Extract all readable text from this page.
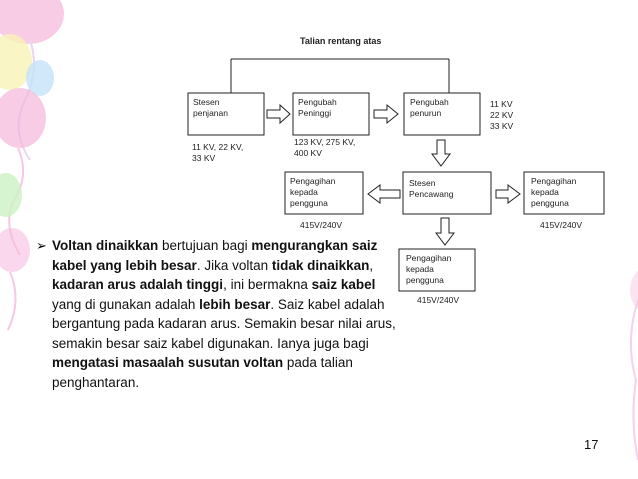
Talian rentang atas
Stesen
penjanan
11 KV, 22 KV,
33 KV
Pengubah
Peninggi
123 KV, 275 KV,
400 KV
Pengubah
penurun
11 KV
22 KV
33 KV
Pengagihan
kepada
pengguna
415V/240V
Stesen
Pencawang
Pengagihan
kepada
pengguna
415V/240V
Pengagihan
kepada
pengguna
415V/240V
➢ Voltan dinaikkan bertujuan bagi mengurangkan saiz kabel yang lebih besar. Jika voltan tidak dinaikkan, kadaran arus adalah tinggi, ini bermakna saiz kabel yang di gunakan adalah lebih besar. Saiz kabel adalah bergantung pada kadaran arus. Semakin besar nilai arus, semakin besar saiz kabel digunakan. Ianya juga bagi mengatasi masaalah susutan voltan pada talian penghantaran.
17
